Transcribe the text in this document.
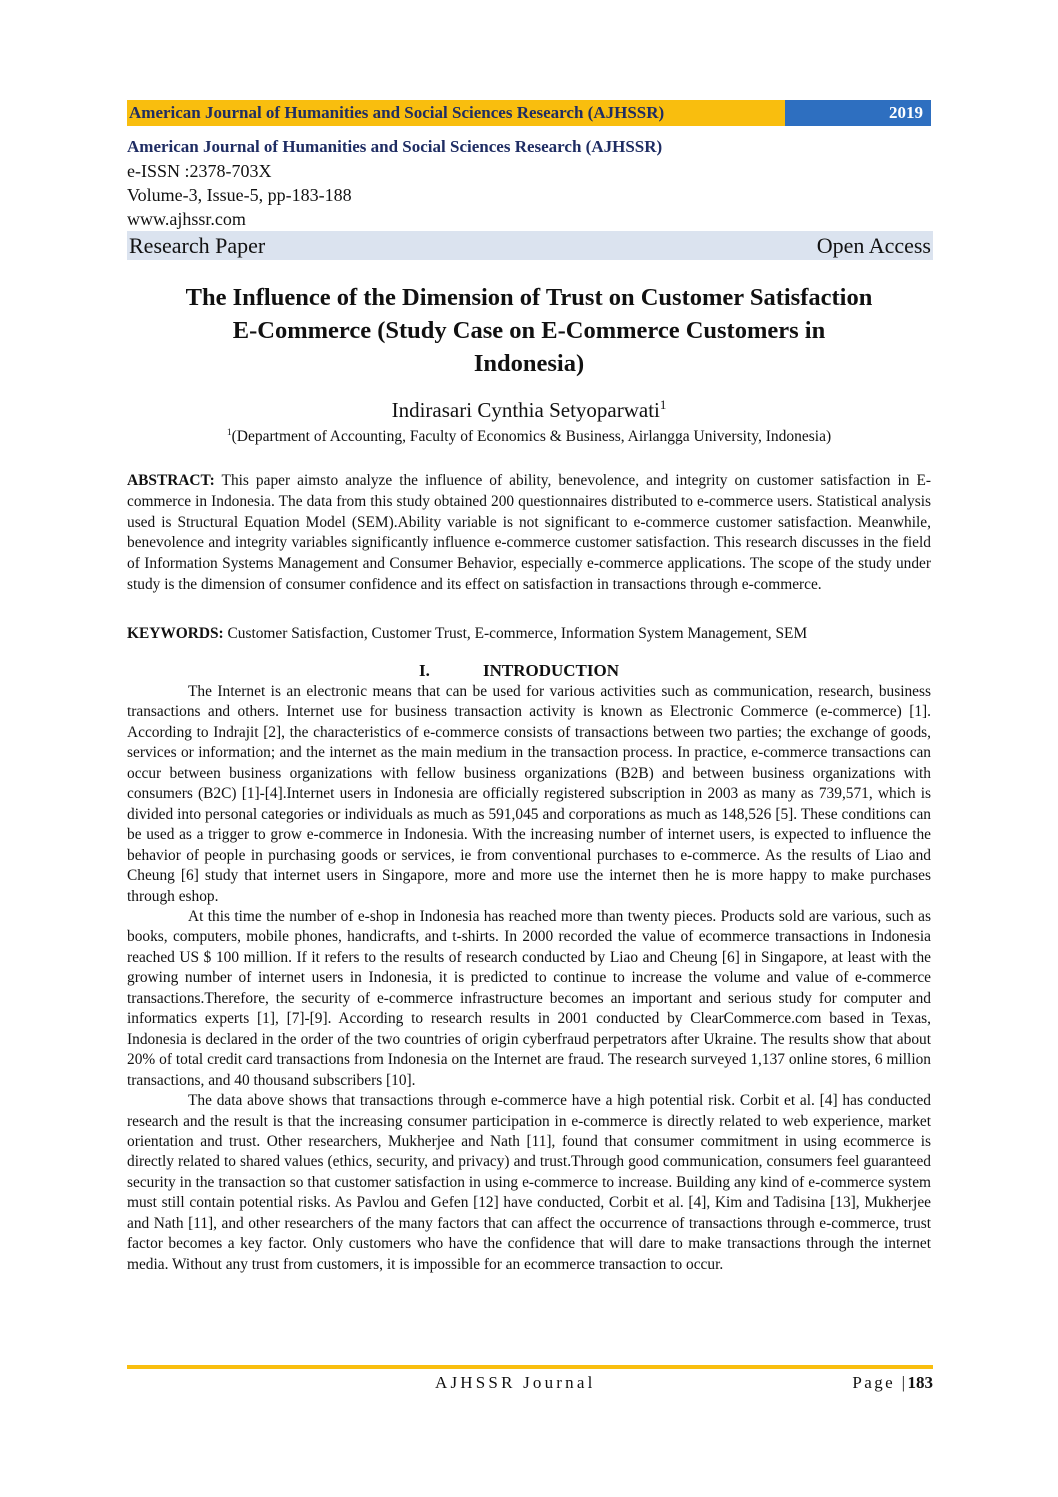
American Journal of Humanities and Social Sciences Research (AJHSSR)	2019
American Journal of Humanities and Social Sciences Research (AJHSSR)
e-ISSN :2378-703X
Volume-3, Issue-5, pp-183-188
www.ajhssr.com
Research Paper	Open Access
The Influence of the Dimension of Trust on Customer Satisfaction
E-Commerce (Study Case on E-Commerce Customers in
Indonesia)
Indirasari Cynthia Setyoparwati$^1$
$^1$(Department of Accounting, Faculty of Economics & Business, Airlangga University, Indonesia)
ABSTRACT: This paper aimsto analyze the influence of ability, benevolence, and integrity on customer satisfaction in E-commerce in Indonesia. The data from this study obtained 200 questionnaires distributed to e-commerce users. Statistical analysis used is Structural Equation Model (SEM).Ability variable is not significant to e-commerce customer satisfaction. Meanwhile, benevolence and integrity variables significantly influence e-commerce customer satisfaction. This research discusses in the field of Information Systems Management and Consumer Behavior, especially e-commerce applications. The scope of the study under study is the dimension of consumer confidence and its effect on satisfaction in transactions through e-commerce.
KEYWORDS: Customer Satisfaction, Customer Trust, E-commerce, Information System Management, SEM
I.	INTRODUCTION

The Internet is an electronic means that can be used for various activities such as communication, research, business transactions and others. Internet use for business transaction activity is known as Electronic Commerce (e-commerce) [1]. According to Indrajit [2], the characteristics of e-commerce consists of transactions between two parties; the exchange of goods, services or information; and the internet as the main medium in the transaction process. In practice, e-commerce transactions can occur between business organizations with fellow business organizations (B2B) and between business organizations with consumers (B2C) [1]-[4].Internet users in Indonesia are officially registered subscription in 2003 as many as 739,571, which is divided into personal categories or individuals as much as 591,045 and corporations as much as 148,526 [5]. These conditions can be used as a trigger to grow e-commerce in Indonesia. With the increasing number of internet users, is expected to influence the behavior of people in purchasing goods or services, ie from conventional purchases to e-commerce. As the results of Liao and Cheung [6] study that internet users in Singapore, more and more use the internet then he is more happy to make purchases through eshop.

At this time the number of e-shop in Indonesia has reached more than twenty pieces. Products sold are various, such as books, computers, mobile phones, handicrafts, and t-shirts. In 2000 recorded the value of ecommerce transactions in Indonesia reached US $ 100 million. If it refers to the results of research conducted by Liao and Cheung [6] in Singapore, at least with the growing number of internet users in Indonesia, it is predicted to continue to increase the volume and value of e-commerce transactions.Therefore, the security of e-commerce infrastructure becomes an important and serious study for computer and informatics experts [1], [7]-[9]. According to research results in 2001 conducted by ClearCommerce.com based in Texas, Indonesia is declared in the order of the two countries of origin cyberfraud perpetrators after Ukraine. The results show that about 20% of total credit card transactions from Indonesia on the Internet are fraud. The research surveyed 1,137 online stores, 6 million transactions, and 40 thousand subscribers [10].

The data above shows that transactions through e-commerce have a high potential risk. Corbit et al. [4] has conducted research and the result is that the increasing consumer participation in e-commerce is directly related to web experience, market orientation and trust. Other researchers, Mukherjee and Nath [11], found that consumer commitment in using ecommerce is directly related to shared values (ethics, security, and privacy) and trust.Through good communication, consumers feel guaranteed security in the transaction so that customer satisfaction in using e-commerce to increase. Building any kind of e-commerce system must still contain potential risks. As Pavlou and Gefen [12] have conducted, Corbit et al. [4], Kim and Tadisina [13], Mukherjee and Nath [11], and other researchers of the many factors that can affect the occurrence of transactions through e-commerce, trust factor becomes a key factor. Only customers who have the confidence that will dare to make transactions through the internet media. Without any trust from customers, it is impossible for an ecommerce transaction to occur.

AJHSSR Journal	Page |183
